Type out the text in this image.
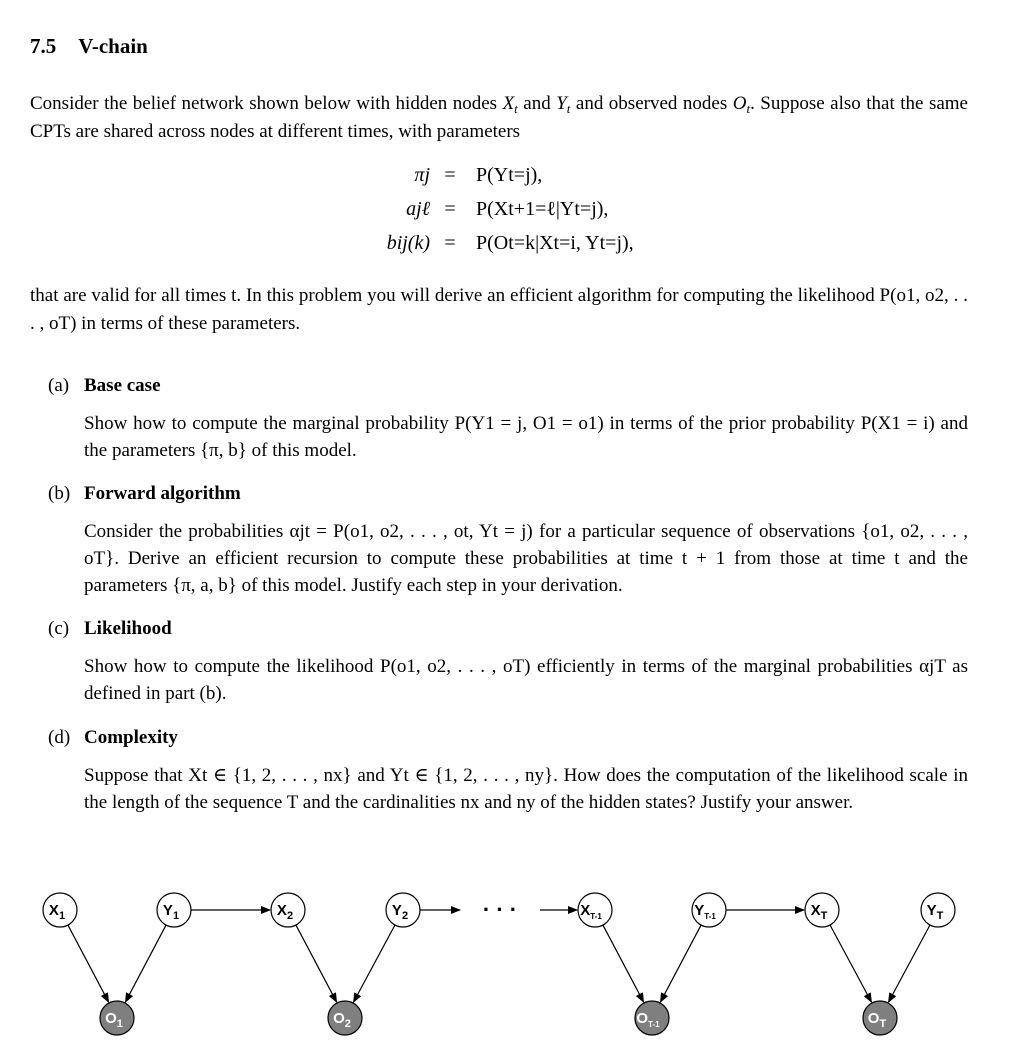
7.5 V-chain
Consider the belief network shown below with hidden nodes $X_t$ and $Y_t$ and observed nodes $O_t$. Suppose also that the same CPTs are shared across nodes at different times, with parameters
πj = P(Yt=j),
ajℓ = P(Xt+1=ℓ|Yt=j),
bij(k) = P(Ot=k|Xt=i, Yt=j),
that are valid for all times t. In this problem you will derive an efficient algorithm for computing the likelihood P(o1, o2, . . . , oT) in terms of these parameters.
(a) Base case
Show how to compute the marginal probability P(Y1 = j, O1 = o1) in terms of the prior probability P(X1 = i) and the parameters {π, b} of this model.
(b) Forward algorithm
Consider the probabilities αjt = P(o1, o2, . . . , ot, Yt = j) for a particular sequence of observations {o1, o2, . . . , oT}. Derive an efficient recursion to compute these probabilities at time t + 1 from those at time t and the parameters {π, a, b} of this model. Justify each step in your derivation.
(c) Likelihood
Show how to compute the likelihood P(o1, o2, . . . , oT) efficiently in terms of the marginal probabilities αjT as defined in part (b).
(d) Complexity
Suppose that Xt ∈ {1, 2, . . . , nx} and Yt ∈ {1, 2, . . . , ny}. How does the computation of the likelihood scale in the length of the sequence T and the cardinalities nx and ny of the hidden states? Justify your answer.
$X_1$	$Y_1$	$X_2$	$Y_2$	$X_{T-1}$	$Y_{T-1}$	$X_T$	$Y_T$
$O_1$	$O_2$	$O_{T-1}$	$O_T$
· · ·
